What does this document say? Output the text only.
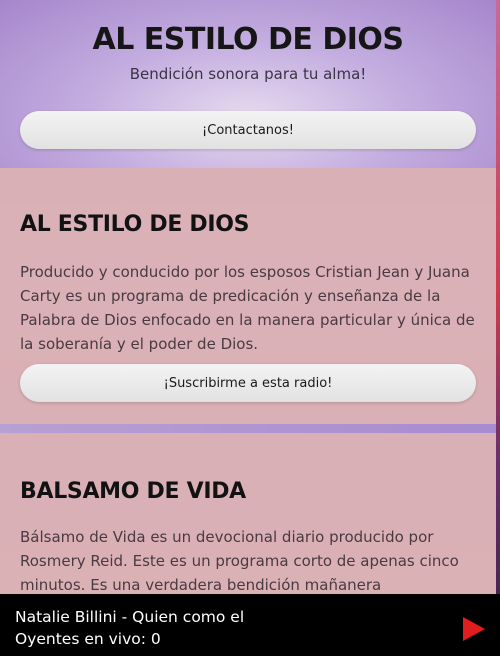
AL ESTILO DE DIOS
Bendición sonora para tu alma!
¡Contactanos!
AL ESTILO DE DIOS

Producido y conducido por los esposos Cristian Jean y Juana Carty es un programa de predicación y enseñanza de la Palabra de Dios enfocado en la manera particular y única de la soberanía y el poder de Dios.

¡Suscribirme a esta radio!
BALSAMO DE VIDA

Bálsamo de Vida es un devocional diario producido por Rosmery Reid. Este es un programa corto de apenas cinco minutos. Es una verdadera bendición mañanera

Natalie Billini - Quien como el
Oyentes en vivo: 0
